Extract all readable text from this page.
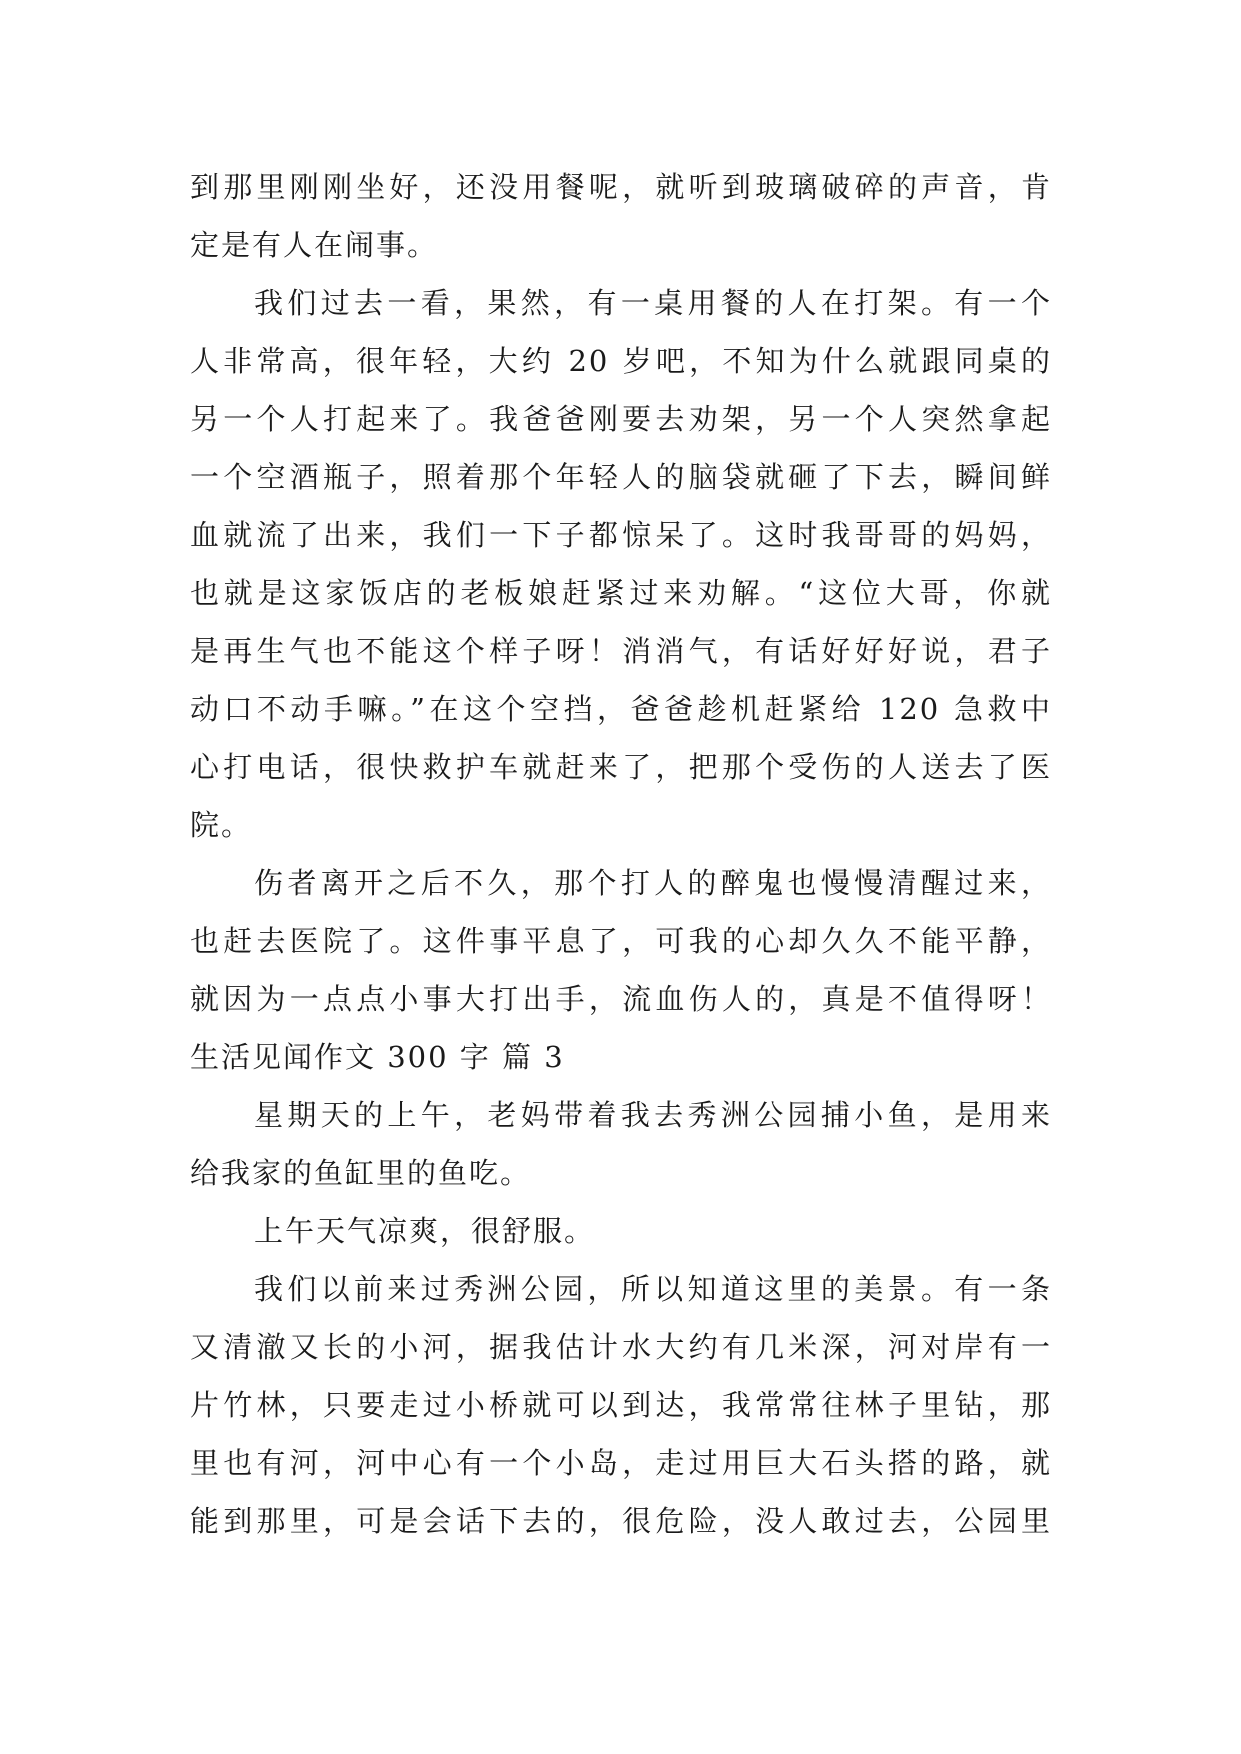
到那里刚刚坐好，还没用餐呢，就听到玻璃破碎的声音，肯
定是有人在闹事。
我们过去一看，果然，有一桌用餐的人在打架。有一个
人非常高，很年轻，大约 20 岁吧，不知为什么就跟同桌的
另一个人打起来了。我爸爸刚要去劝架，另一个人突然拿起
一个空酒瓶子，照着那个年轻人的脑袋就砸了下去，瞬间鲜
血就流了出来，我们一下子都惊呆了。这时我哥哥的妈妈，
也就是这家饭店的老板娘赶紧过来劝解。“这位大哥，你就
是再生气也不能这个样子呀！消消气，有话好好好说，君子
动口不动手嘛。”在这个空挡，爸爸趁机赶紧给 120 急救中
心打电话，很快救护车就赶来了，把那个受伤的人送去了医
院。
伤者离开之后不久，那个打人的醉鬼也慢慢清醒过来，
也赶去医院了。这件事平息了，可我的心却久久不能平静，
就因为一点点小事大打出手，流血伤人的，真是不值得呀！
生活见闻作文 300 字 篇 3
星期天的上午，老妈带着我去秀洲公园捕小鱼，是用来
给我家的鱼缸里的鱼吃。
上午天气凉爽，很舒服。
我们以前来过秀洲公园，所以知道这里的美景。有一条
又清澈又长的小河，据我估计水大约有几米深，河对岸有一
片竹林，只要走过小桥就可以到达，我常常往林子里钻，那
里也有河，河中心有一个小岛，走过用巨大石头搭的路，就
能到那里，可是会话下去的，很危险，没人敢过去，公园里
